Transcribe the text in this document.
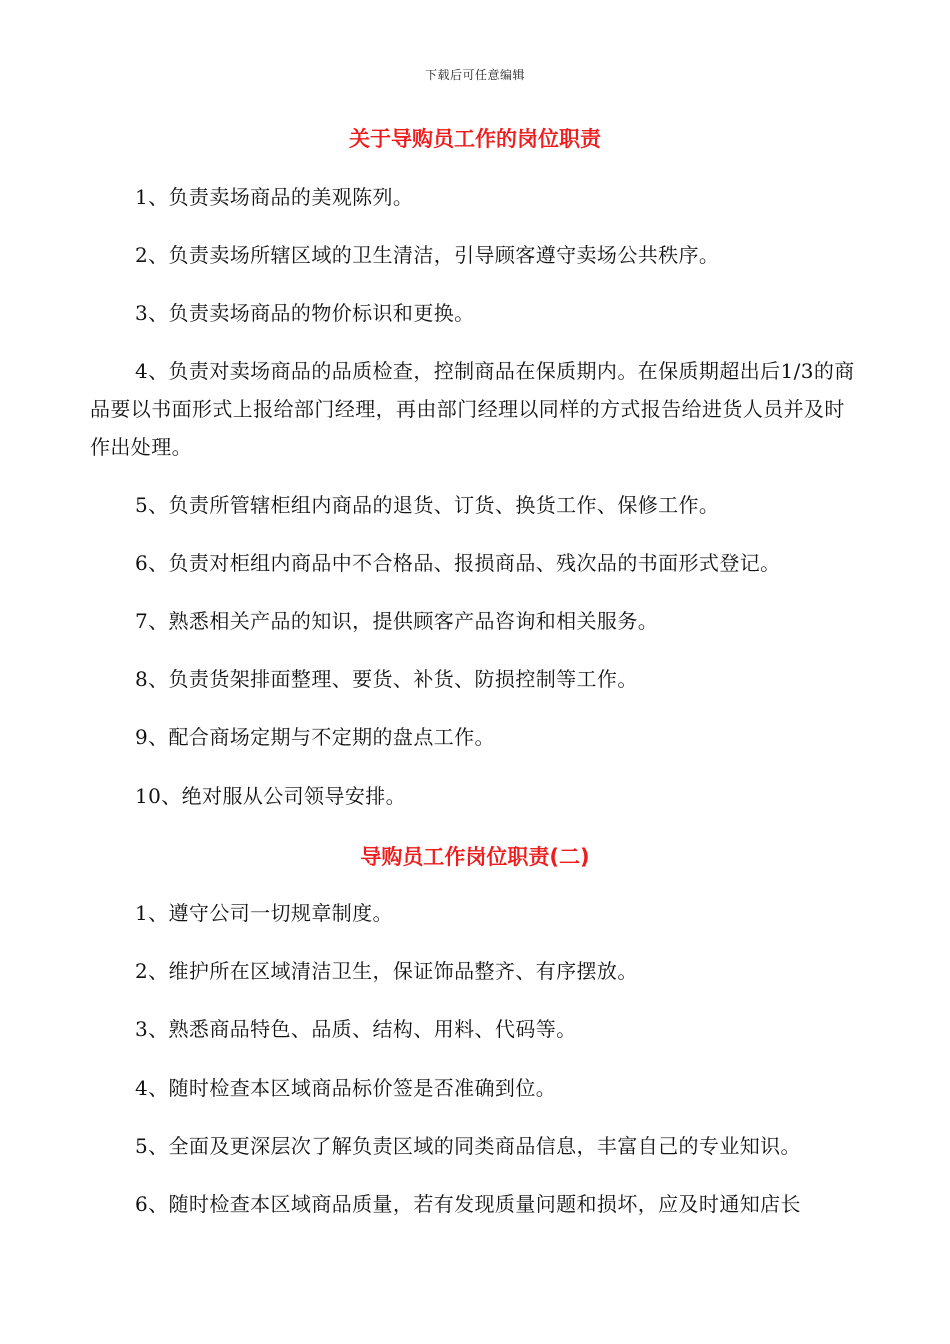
下载后可任意编辑
关于导购员工作的岗位职责
1、负责卖场商品的美观陈列。
2、负责卖场所辖区域的卫生清洁，引导顾客遵守卖场公共秩序。
3、负责卖场商品的物价标识和更换。
4、负责对卖场商品的品质检查，控制商品在保质期内。在保质期超出后1/3的商品要以书面形式上报给部门经理，再由部门经理以同样的方式报告给进货人员并及时作出处理。
5、负责所管辖柜组内商品的退货、订货、换货工作、保修工作。
6、负责对柜组内商品中不合格品、报损商品、残次品的书面形式登记。
7、熟悉相关产品的知识，提供顾客产品咨询和相关服务。
8、负责货架排面整理、要货、补货、防损控制等工作。
9、配合商场定期与不定期的盘点工作。
10、绝对服从公司领导安排。
导购员工作岗位职责(二)
1、遵守公司一切规章制度。
2、维护所在区域清洁卫生，保证饰品整齐、有序摆放。
3、熟悉商品特色、品质、结构、用料、代码等。
4、随时检查本区域商品标价签是否准确到位。
5、全面及更深层次了解负责区域的同类商品信息，丰富自己的专业知识。
6、随时检查本区域商品质量，若有发现质量问题和损坏，应及时通知店长
